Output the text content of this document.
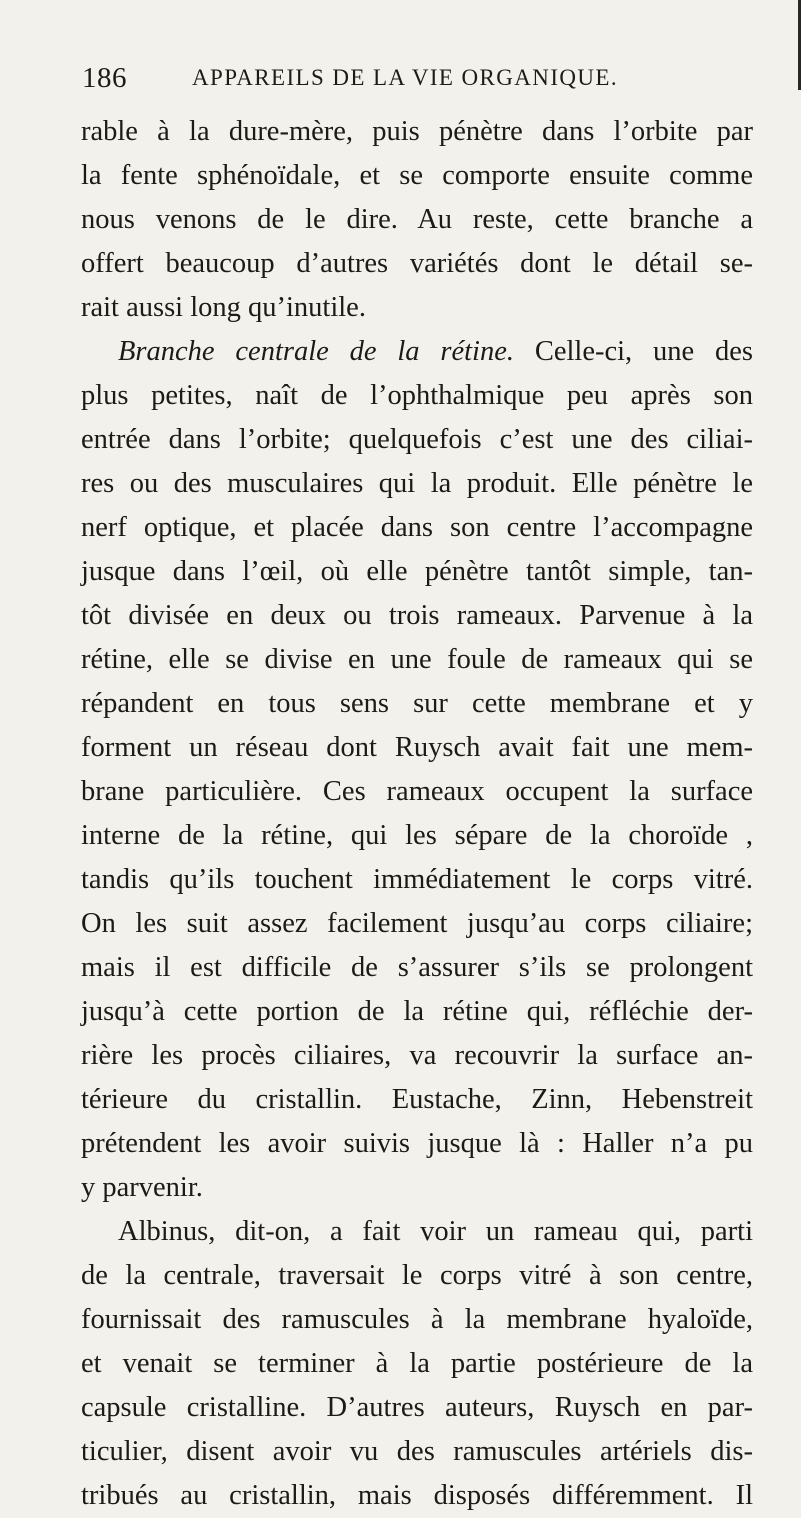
186	APPAREILS DE LA VIE ORGANIQUE.
rable à la dure-mère, puis pénètre dans l’orbite par
la fente sphénoïdale, et se comporte ensuite comme
nous venons de le dire. Au reste, cette branche a
offert beaucoup d’autres variétés dont le détail se-
rait aussi long qu’inutile.
Branche centrale de la rétine. Celle-ci, une des
plus petites, naît de l’ophthalmique peu après son
entrée dans l’orbite; quelquefois c’est une des ciliai-
res ou des musculaires qui la produit. Elle pénètre le
nerf optique, et placée dans son centre l’accompagne
jusque dans l’œil, où elle pénètre tantôt simple, tan-
tôt divisée en deux ou trois rameaux. Parvenue à la
rétine, elle se divise en une foule de rameaux qui se
répandent en tous sens sur cette membrane et y
forment un réseau dont Ruysch avait fait une mem-
brane particulière. Ces rameaux occupent la surface
interne de la rétine, qui les sépare de la choroïde ,
tandis qu’ils touchent immédiatement le corps vitré.
On les suit assez facilement jusqu’au corps ciliaire;
mais il est difficile de s’assurer s’ils se prolongent
jusqu’à cette portion de la rétine qui, réfléchie der-
rière les procès ciliaires, va recouvrir la surface an-
térieure du cristallin. Eustache, Zinn, Hebenstreit
prétendent les avoir suivis jusque là : Haller n’a pu
y parvenir.
Albinus, dit-on, a fait voir un rameau qui, parti
de la centrale, traversait le corps vitré à son centre,
fournissait des ramuscules à la membrane hyaloïde,
et venait se terminer à la partie postérieure de la
capsule cristalline. D’autres auteurs, Ruysch en par-
ticulier, disent avoir vu des ramuscules artériels dis-
tribués au cristallin, mais disposés différemment. Il
